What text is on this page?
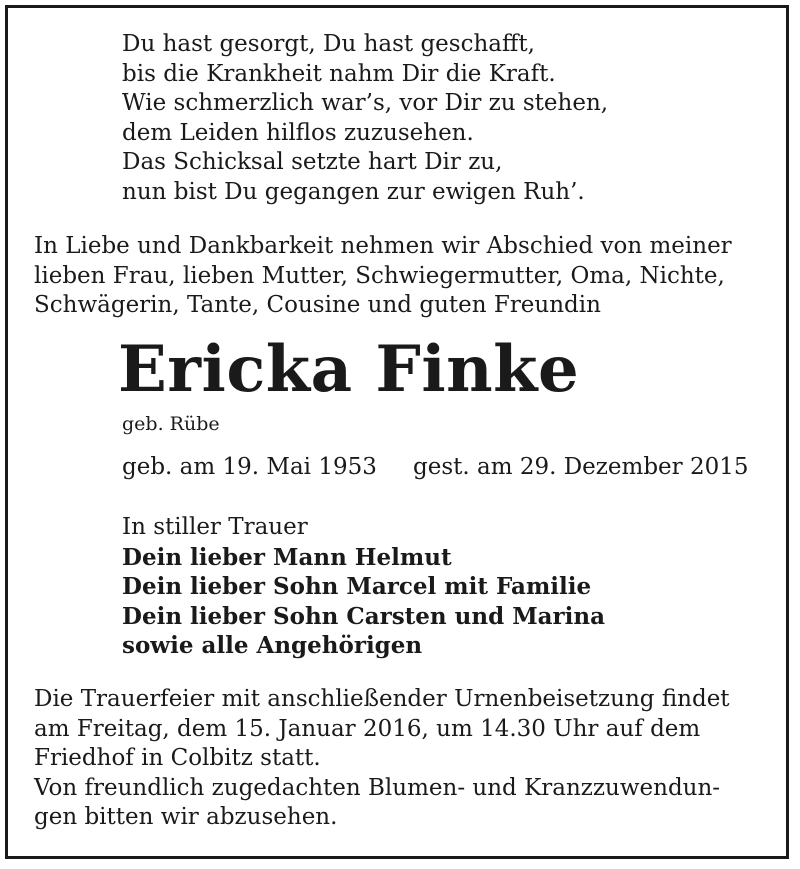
Du hast gesorgt, Du hast geschafft,
bis die Krankheit nahm Dir die Kraft.
Wie schmerzlich war’s, vor Dir zu stehen,
dem Leiden hilflos zuzusehen.
Das Schicksal setzte hart Dir zu,
nun bist Du gegangen zur ewigen Ruh’.
In Liebe und Dankbarkeit nehmen wir Abschied von meiner
lieben Frau, lieben Mutter, Schwiegermutter, Oma, Nichte,
Schwägerin, Tante, Cousine und guten Freundin
Ericka Finke
geb. Rübe
geb. am 19. Mai 1953 gest. am 29. Dezember 2015
In stiller Trauer
Dein lieber Mann Helmut
Dein lieber Sohn Marcel mit Familie
Dein lieber Sohn Carsten und Marina
sowie alle Angehörigen
Die Trauerfeier mit anschließender Urnenbeisetzung findet
am Freitag, dem 15. Januar 2016, um 14.30 Uhr auf dem
Friedhof in Colbitz statt.
Von freundlich zugedachten Blumen- und Kranzzuwendun-
gen bitten wir abzusehen.
